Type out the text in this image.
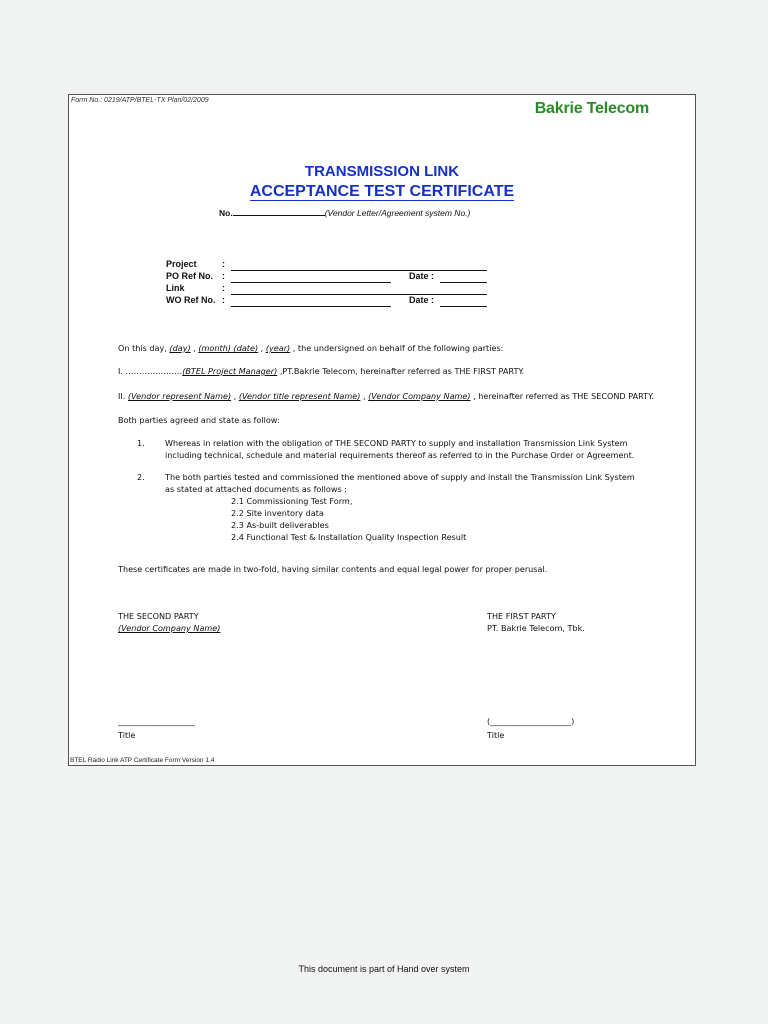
Form No.: 0219/ATP/BTEL-TX Plan/02/2009	Bakrie Telecom
TRANSMISSION LINK
ACCEPTANCE TEST CERTIFICATE
No.	(Vendor Letter/Agreement system No.)
Project	:
PO Ref No. :	Date :
Link	:
WO Ref No. :	Date :
On this day, (day) , (month) (date) , (year) , the undersigned on behalf of the following parties:
I. …………………(BTEL Project Manager) ,PT.Bakrie Telecom, hereinafter referred as THE FIRST PARTY.
II. (Vendor represent Name) , (Vendor title represent Name) , (Vendor Company Name) , hereinafter referred as THE SECOND PARTY.
Both parties agreed and state as follow:
1.	Whereas in relation with the obligation of THE SECOND PARTY to supply and installation Transmission Link System
including technical, schedule and material requirements thereof as referred to in the Purchase Order or Agreement.
2.	The both parties tested and commissioned the mentioned above of supply and install the Transmission Link System
as stated at attached documents as follows :
2.1 Commissioning Test Form,
2.2 Site inventory data
2.3 As-built deliverables
2.4 Functional Test & Installation Quality Inspection Result
These certificates are made in two-fold, having similar contents and equal legal power for proper perusal.
THE SECOND PARTY
(Vendor Company Name)
THE FIRST PARTY
PT. Bakrie Telecom, Tbk.
___________________	(____________________)
Title	Title
BTEL Radio Link ATP Certificate Form Version 1.4
This document is part of Hand over system
